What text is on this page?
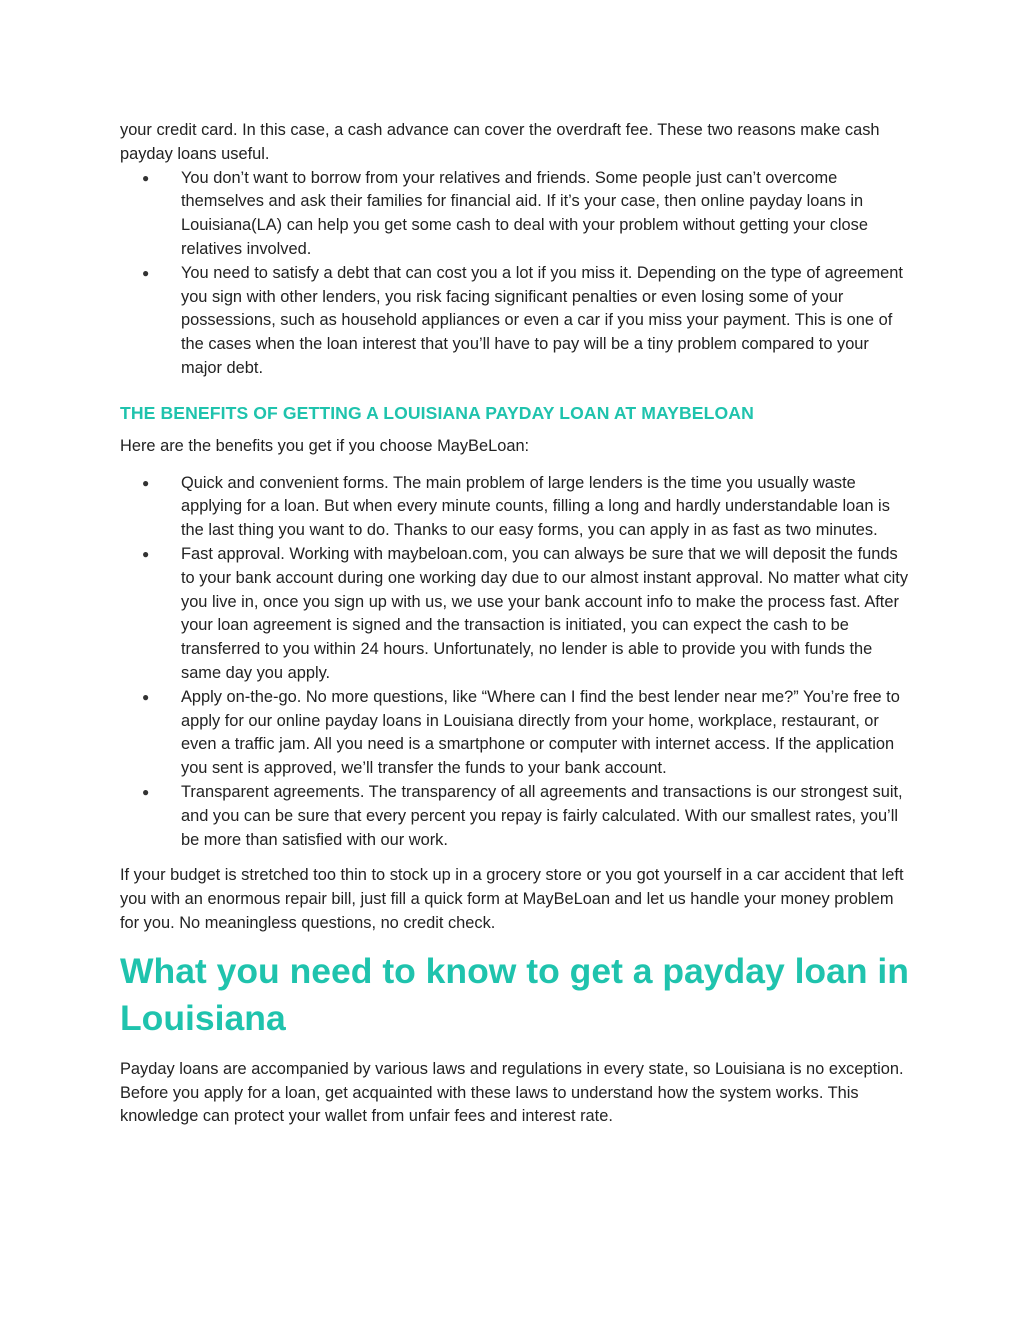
your credit card. In this case, a cash advance can cover the overdraft fee. These two reasons make cash payday loans useful.
● You don’t want to borrow from your relatives and friends. Some people just can’t overcome themselves and ask their families for financial aid. If it’s your case, then online payday loans in Louisiana(LA) can help you get some cash to deal with your problem without getting your close relatives involved.
● You need to satisfy a debt that can cost you a lot if you miss it. Depending on the type of agreement you sign with other lenders, you risk facing significant penalties or even losing some of your possessions, such as household appliances or even a car if you miss your payment. This is one of the cases when the loan interest that you’ll have to pay will be a tiny problem compared to your major debt.
THE BENEFITS OF GETTING A LOUISIANA PAYDAY LOAN AT MAYBELOAN

Here are the benefits you get if you choose MayBeLoan:

● Quick and convenient forms. The main problem of large lenders is the time you usually waste applying for a loan. But when every minute counts, filling a long and hardly understandable loan is the last thing you want to do. Thanks to our easy forms, you can apply in as fast as two minutes.
● Fast approval. Working with maybeloan.com, you can always be sure that we will deposit the funds to your bank account during one working day due to our almost instant approval. No matter what city you live in, once you sign up with us, we use your bank account info to make the process fast. After your loan agreement is signed and the transaction is initiated, you can expect the cash to be transferred to you within 24 hours. Unfortunately, no lender is able to provide you with funds the same day you apply.
● Apply on-the-go. No more questions, like “Where can I find the best lender near me?” You’re free to apply for our online payday loans in Louisiana directly from your home, workplace, restaurant, or even a traffic jam. All you need is a smartphone or computer with internet access. If the application you sent is approved, we’ll transfer the funds to your bank account.
● Transparent agreements. The transparency of all agreements and transactions is our strongest suit, and you can be sure that every percent you repay is fairly calculated. With our smallest rates, you’ll be more than satisfied with our work.

If your budget is stretched too thin to stock up in a grocery store or you got yourself in a car accident that left you with an enormous repair bill, just fill a quick form at MayBeLoan and let us handle your money problem for you. No meaningless questions, no credit check.

What you need to know to get a payday loan in Louisiana

Payday loans are accompanied by various laws and regulations in every state, so Louisiana is no exception. Before you apply for a loan, get acquainted with these laws to understand how the system works. This knowledge can protect your wallet from unfair fees and interest rate.
